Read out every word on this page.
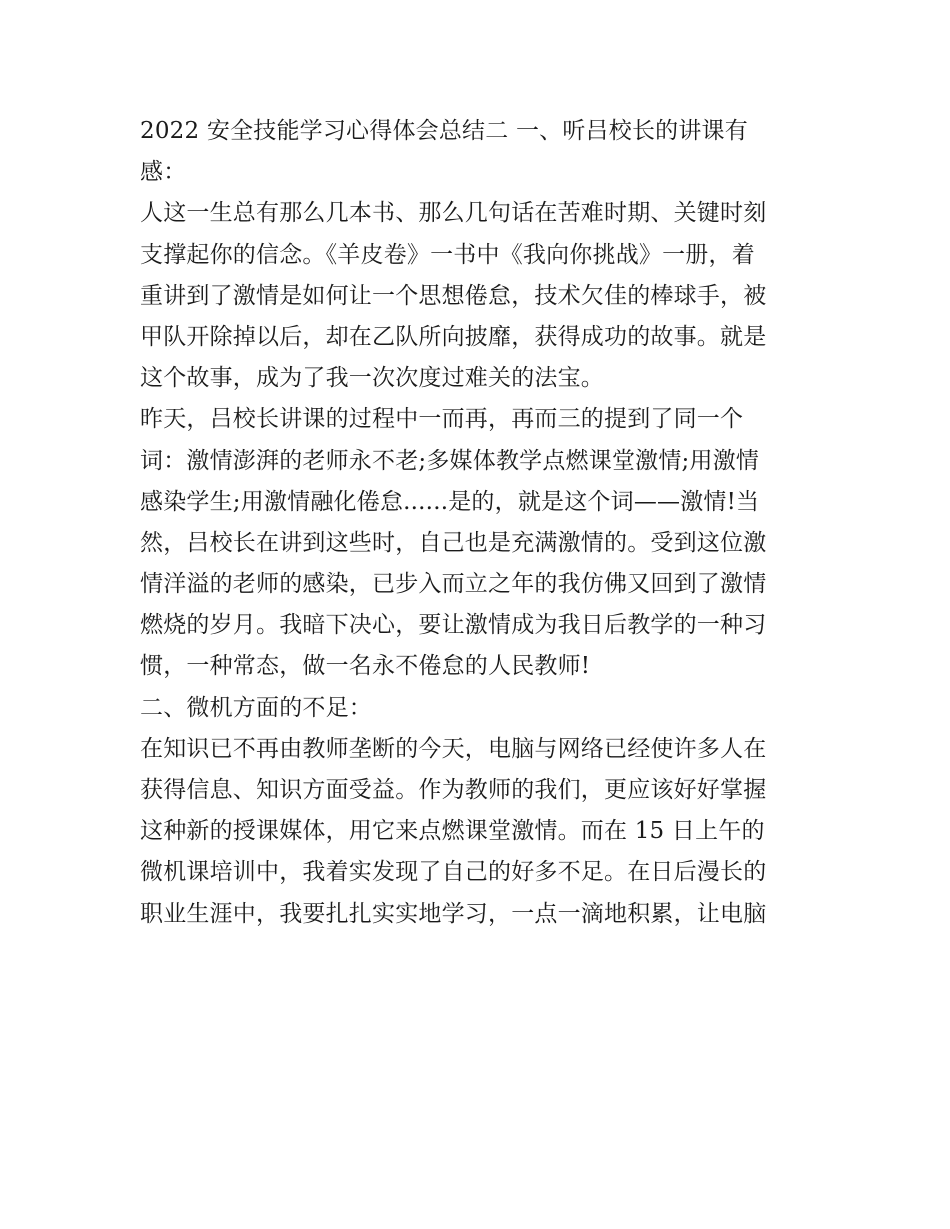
2022 安全技能学习心得体会总结二 一、听吕校长的讲课有
感：
人这一生总有那么几本书、那么几句话在苦难时期、关键时刻
支撑起你的信念。《羊皮卷》一书中《我向你挑战》一册，着
重讲到了激情是如何让一个思想倦怠，技术欠佳的棒球手，被
甲队开除掉以后，却在乙队所向披靡，获得成功的故事。就是
这个故事，成为了我一次次度过难关的法宝。
昨天，吕校长讲课的过程中一而再，再而三的提到了同一个
词：激情澎湃的老师永不老;多媒体教学点燃课堂激情;用激情
感染学生;用激情融化倦怠......是的，就是这个词——激情!当
然，吕校长在讲到这些时，自己也是充满激情的。受到这位激
情洋溢的老师的感染，已步入而立之年的我仿佛又回到了激情
燃烧的岁月。我暗下决心，要让激情成为我日后教学的一种习
惯，一种常态，做一名永不倦怠的人民教师!
二、微机方面的不足：
在知识已不再由教师垄断的今天，电脑与网络已经使许多人在
获得信息、知识方面受益。作为教师的我们，更应该好好掌握
这种新的授课媒体，用它来点燃课堂激情。而在 15 日上午的
微机课培训中，我着实发现了自己的好多不足。在日后漫长的
职业生涯中，我要扎扎实实地学习，一点一滴地积累，让电脑
